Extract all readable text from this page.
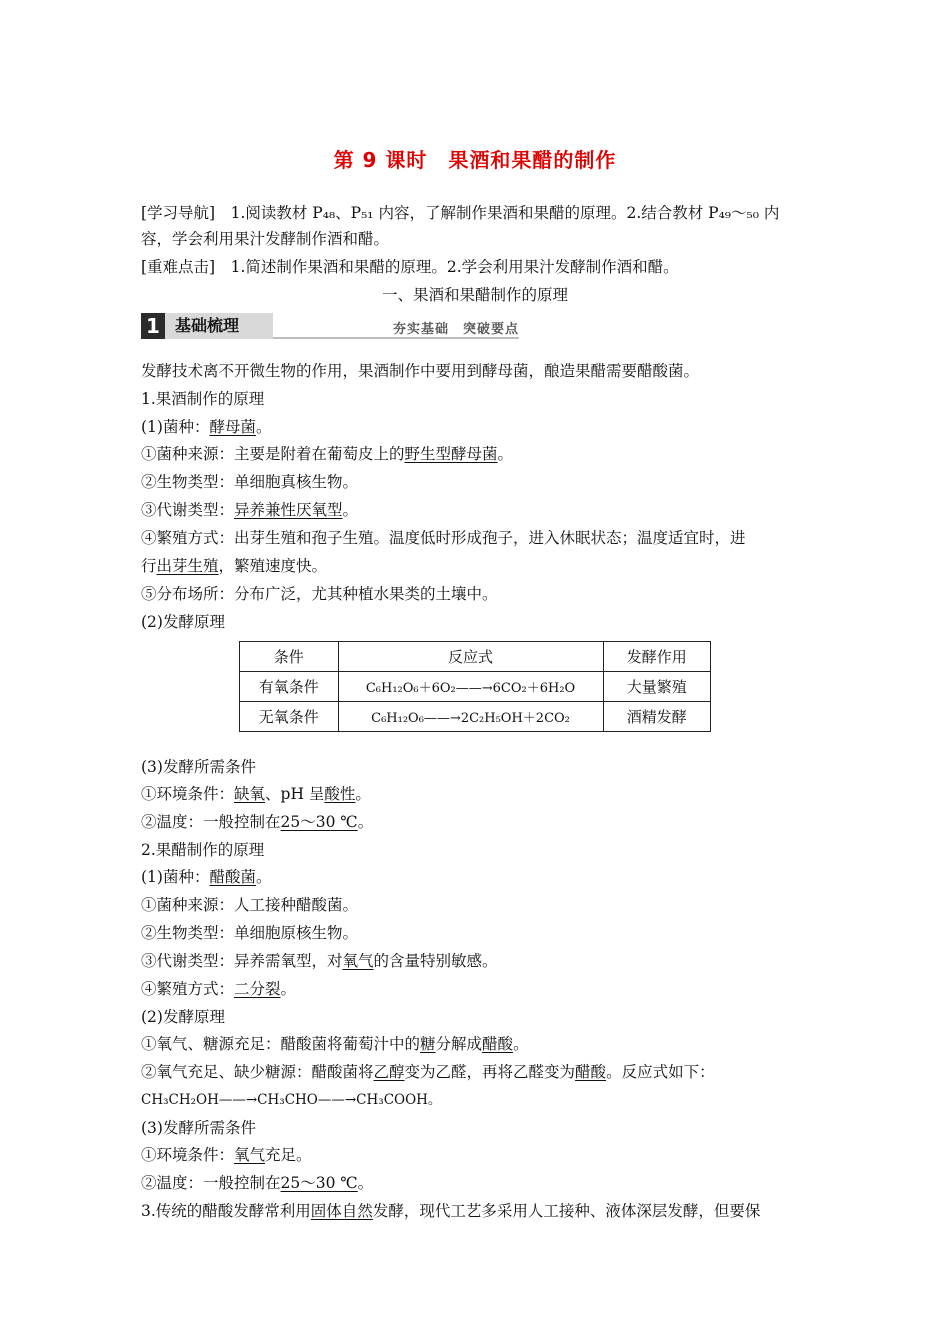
第 9 课时　果酒和果醋的制作
[学习导航]　1.阅读教材 P₄₈、P₅₁ 内容，了解制作果酒和果醋的原理。2.结合教材 P₄₉～₅₀ 内
容，学会利用果汁发酵制作酒和醋。
[重难点击]　1.简述制作果酒和果醋的原理。2.学会利用果汁发酵制作酒和醋。
一、果酒和果醋制作的原理
1 基础梳理	夯实基础　突破要点
发酵技术离不开微生物的作用，果酒制作中要用到酵母菌，酿造果醋需要醋酸菌。
1.果酒制作的原理
(1)菌种：酵母菌。
①菌种来源：主要是附着在葡萄皮上的野生型酵母菌。
②生物类型：单细胞真核生物。
③代谢类型：异养兼性厌氧型。
④繁殖方式：出芽生殖和孢子生殖。温度低时形成孢子，进入休眠状态；温度适宜时，进
行出芽生殖，繁殖速度快。
⑤分布场所：分布广泛，尤其种植水果类的土壤中。
(2)发酵原理
条件	反应式	发酵作用
有氧条件	C₆H₁₂O₆＋6O₂——→6CO₂＋6H₂O	大量繁殖
无氧条件	C₆H₁₂O₆——→2C₂H₅OH＋2CO₂	酒精发酵
(3)发酵所需条件
①环境条件：缺氧、pH 呈酸性。
②温度：一般控制在25～30 ℃。
2.果醋制作的原理
(1)菌种：醋酸菌。
①菌种来源：人工接种醋酸菌。
②生物类型：单细胞原核生物。
③代谢类型：异养需氧型，对氧气的含量特别敏感。
④繁殖方式：二分裂。
(2)发酵原理
①氧气、糖源充足：醋酸菌将葡萄汁中的糖分解成醋酸。
②氧气充足、缺少糖源：醋酸菌将乙醇变为乙醛，再将乙醛变为醋酸。反应式如下：
CH₃CH₂OH——→CH₃CHO——→CH₃COOH。
(3)发酵所需条件
①环境条件：氧气充足。
②温度：一般控制在25～30 ℃。
3.传统的醋酸发酵常利用固体自然发酵，现代工艺多采用人工接种、液体深层发酵，但要保
